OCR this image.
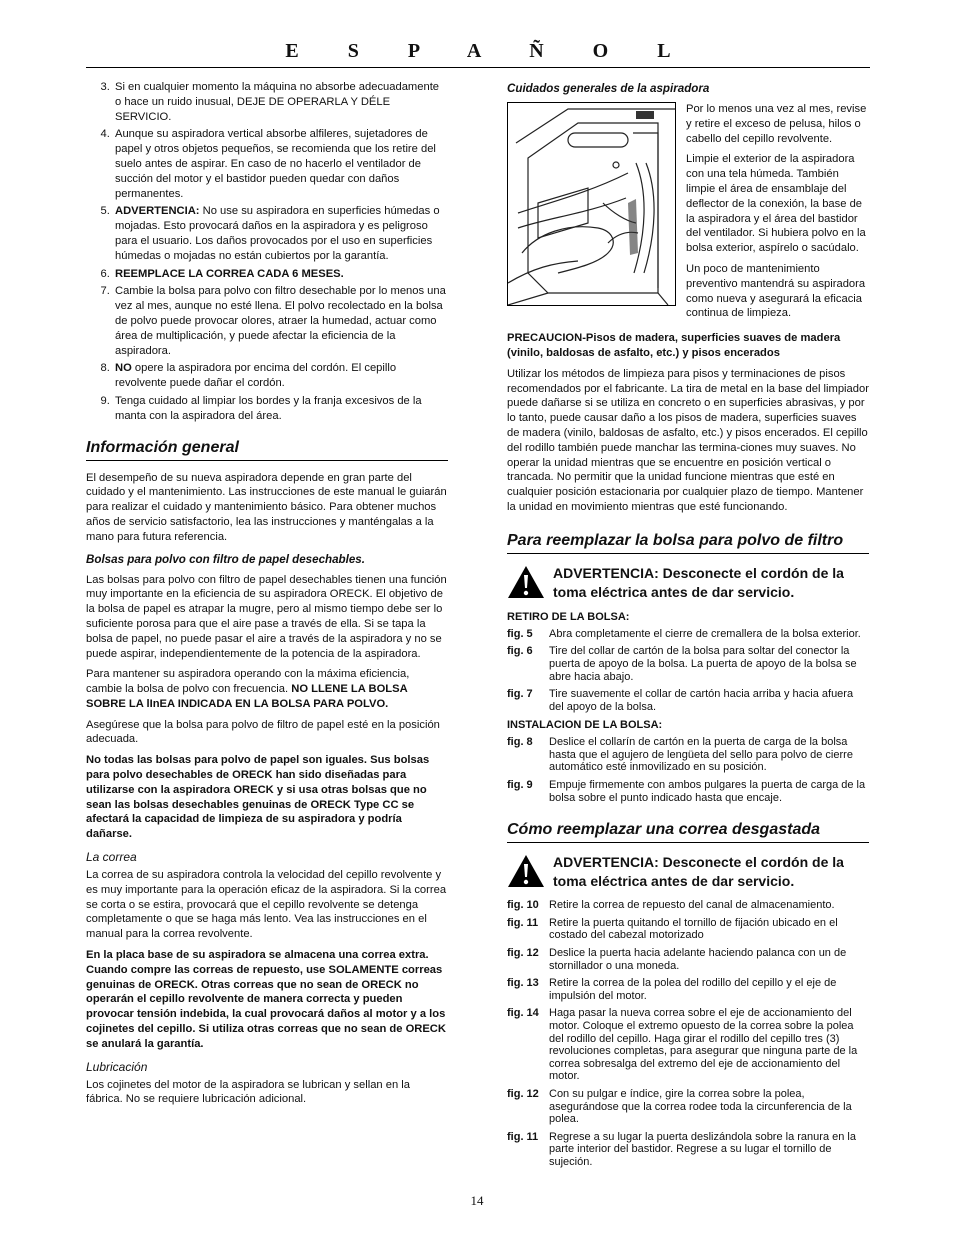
E S P A Ñ O L
3. Si en cualquier momento la máquina no absorbe adecuadamente o hace un ruido inusual, DEJE DE OPERARLA Y DÉLE SERVICIO.
4. Aunque su aspiradora vertical absorbe alfileres, sujetadores de papel y otros objetos pequeños, se recomienda que los retire del suelo antes de aspirar. En caso de no hacerlo el ventilador de succión del motor y el bastidor pueden quedar con daños permanentes.
5. ADVERTENCIA: No use su aspiradora en superficies húmedas o mojadas. Esto provocará daños en la aspiradora y es peligroso para el usuario. Los daños provocados por el uso en superficies húmedas o mojadas no están cubiertos por la garantía.
6. REEMPLACE LA CORREA CADA 6 MESES.
7. Cambie la bolsa para polvo con filtro desechable por lo menos una vez al mes, aunque no esté llena. El polvo recolectado en la bolsa de polvo puede provocar olores, atraer la humedad, actuar como área de multiplicación, y puede afectar la eficiencia de la aspiradora.
8. NO opere la aspiradora por encima del cordón. El cepillo revolvente puede dañar el cordón.
9. Tenga cuidado al limpiar los bordes y la franja excesivos de la manta con la aspiradora del área.
Información general

El desempeño de su nueva aspiradora depende en gran parte del cuidado y el mantenimiento. Las instrucciones de este manual le guiarán para realizar el cuidado y mantenimiento básico. Para obtener muchos años de servicio satisfactorio, lea las instrucciones y manténgalas a la mano para futura referencia.

Bolsas para polvo con filtro de papel desechables.

Las bolsas para polvo con filtro de papel desechables tienen una función muy importante en la eficiencia de su aspiradora ORECK. El objetivo de la bolsa de papel es atrapar la mugre, pero al mismo tiempo debe ser lo suficiente porosa para que el aire pase a través de ella. Si se tapa la bolsa de papel, no puede pasar el aire a través de la aspiradora y no se puede aspirar, independientemente de la potencia de la aspiradora.

Para mantener su aspiradora operando con la máxima eficiencia, cambie la bolsa de polvo con frecuencia. NO LLENE LA BOLSA SOBRE LA lInEA INDICADA EN LA BOLSA PARA POLVO.

Asegúrese que la bolsa para polvo de filtro de papel esté en la posición adecuada.

No todas las bolsas para polvo de papel son iguales. Sus bolsas para polvo desechables de ORECK han sido diseñadas para utilizarse con la aspiradora ORECK y si usa otras bolsas que no sean las bolsas desechables genuinas de ORECK Type CC se afectará la capacidad de limpieza de su aspiradora y podría dañarse.

La correa

La correa de su aspiradora controla la velocidad del cepillo revolvente y es muy importante para la operación eficaz de la aspiradora. Si la correa se corta o se estira, provocará que el cepillo revolvente se detenga completamente o que se haga más lento. Vea las instrucciones en el manual para la correa revolvente.

En la placa base de su aspiradora se almacena una correa extra. Cuando compre las correas de repuesto, use SOLAMENTE correas genuinas de ORECK. Otras correas que no sean de ORECK no operarán el cepillo revolvente de manera correcta y pueden provocar tensión indebida, la cual provocará daños al motor y a los cojinetes del cepillo. Si utiliza otras correas que no sean de ORECK se anulará la garantía.

Lubricación

Los cojinetes del motor de la aspiradora se lubrican y sellan en la fábrica. No se requiere lubricación adicional.

Cuidados generales de la aspiradora

Por lo menos una vez al mes, revise y retire el exceso de pelusa, hilos o cabello del cepillo revolvente.

Limpie el exterior de la aspiradora con una tela húmeda. También limpie el área de ensamblaje del deflector de la conexión, la base de la aspiradora y el área del bastidor del ventilador. Si hubiera polvo en la bolsa exterior, aspírelo o sacúdalo.

Un poco de mantenimiento preventivo mantendrá su aspiradora como nueva y asegurará la eficacia continua de limpieza.

PRECAUCION-Pisos de madera, superficies suaves de madera (vinilo, baldosas de asfalto, etc.) y pisos encerados

Utilizar los métodos de limpieza para pisos y terminaciones de pisos recomendados por el fabricante. La tira de metal en la base del limpiador puede dañarse si se utiliza en concreto o en superficies abrasivas, y por lo tanto, puede causar daño a los pisos de madera, superficies suaves de madera (vinilo, baldosas de asfalto, etc.) y pisos encerados. El cepillo del rodillo también puede manchar las termina-ciones muy suaves. No operar la unidad mientras que se encuentre en posición vertical o trancada. No permitir que la unidad funcione mientras que esté en cualquier posición estacionaria por cualquier plazo de tiempo. Mantener la unidad en movimiento mientras que esté funcionando.

Para reemplazar la bolsa para polvo de filtro
ADVERTENCIA: Desconecte el cordón de la toma eléctrica antes de dar servicio.
RETIRO DE LA BOLSA:
fig. 5	Abra completamente el cierre de cremallera de la bolsa exterior.
fig. 6	Tire del collar de cartón de la bolsa para soltar del conector la puerta de apoyo de la bolsa. La puerta de apoyo de la bolsa se abre hacia abajo.
fig. 7	Tire suavemente el collar de cartón hacia arriba y hacia afuera del apoyo de la bolsa.
INSTALACION DE LA BOLSA:
fig. 8	Deslice el collarín de cartón en la puerta de carga de la bolsa hasta que el agujero de lengüeta del sello para polvo de cierre automático esté inmovilizado en su posición.
fig. 9	Empuje firmemente con ambos pulgares la puerta de carga de la bolsa sobre el punto indicado hasta que encaje.
Cómo reemplazar una correa desgastada
ADVERTENCIA: Desconecte el cordón de la toma eléctrica antes de dar servicio.
fig. 10 Retire la correa de repuesto del canal de almacenamiento.
fig. 11 Retire la puerta quitando el tornillo de fijación ubicado en el costado del cabezal motorizado
fig. 12 Deslice la puerta hacia adelante haciendo palanca con un de stornillador o una moneda.
fig. 13 Retire la correa de la polea del rodillo del cepillo y el eje de impulsión del motor.
fig. 14 Haga pasar la nueva correa sobre el eje de accionamiento del motor. Coloque el extremo opuesto de la correa sobre la polea del rodillo del cepillo. Haga girar el rodillo del cepillo tres (3) revoluciones completas, para asegurar que ninguna parte de la correa sobresalga del extremo del eje de accionamiento del motor.
fig. 12 Con su pulgar e índice, gire la correa sobre la polea, asegurándose que la correa rodee toda la circunferencia de la polea.
fig. 11 Regrese a su lugar la puerta deslizándola sobre la ranura en la parte interior del bastidor. Regrese a su lugar el tornillo de sujeción.
14
